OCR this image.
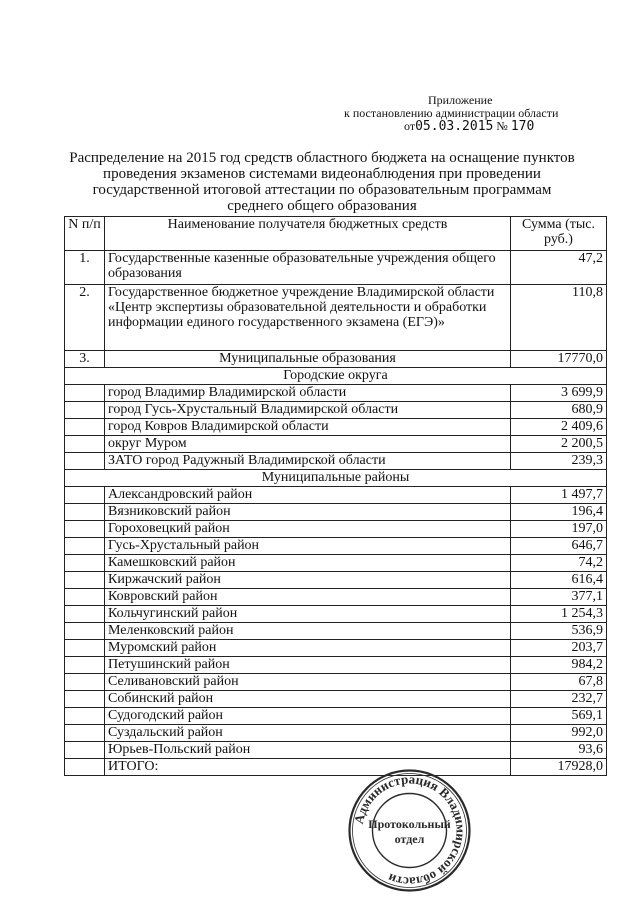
Приложение
к постановлению администрации области
от05.03.2015 № 170
Распределение на 2015 год средств областного бюджета на оснащение пунктов проведения экзаменов системами видеонаблюдения при проведении государственной итоговой аттестации по образовательным программам среднего общего образования
N п/п	Наименование получателя бюджетных средств	Сумма (тыс. руб.)
1.	Государственные казенные образовательные учреждения общего образования	47,2
2.	Государственное бюджетное учреждение Владимирской области «Центр экспертизы образовательной деятельности и обработки информации единого государственного экзамена (ЕГЭ)»	110,8
3.	Муниципальные образования	17770,0
Городские округа		
	город Владимир Владимирской области	3 699,9
	город Гусь-Хрустальный Владимирской области	680,9
	город Ковров Владимирской области	2 409,6
	округ Муром	2 200,5
	ЗАТО город Радужный Владимирской области	239,3
Муниципальные районы		
	Александровский район	1 497,7
	Вязниковский район	196,4
	Гороховецкий район	197,0
	Гусь-Хрустальный район	646,7
	Камешковский район	74,2
	Киржачский район	616,4
	Ковровский район	377,1
	Кольчугинский район	1 254,3
	Меленковский район	536,9
	Муромский район	203,7
	Петушинский район	984,2
	Селивановский район	67,8
	Собинский район	232,7
	Судогодский район	569,1
	Суздальский район	992,0
	Юрьев-Польский район	93,6
	ИТОГО:	17928,0
Администрация Владимирской области
Протокольный
отдел
